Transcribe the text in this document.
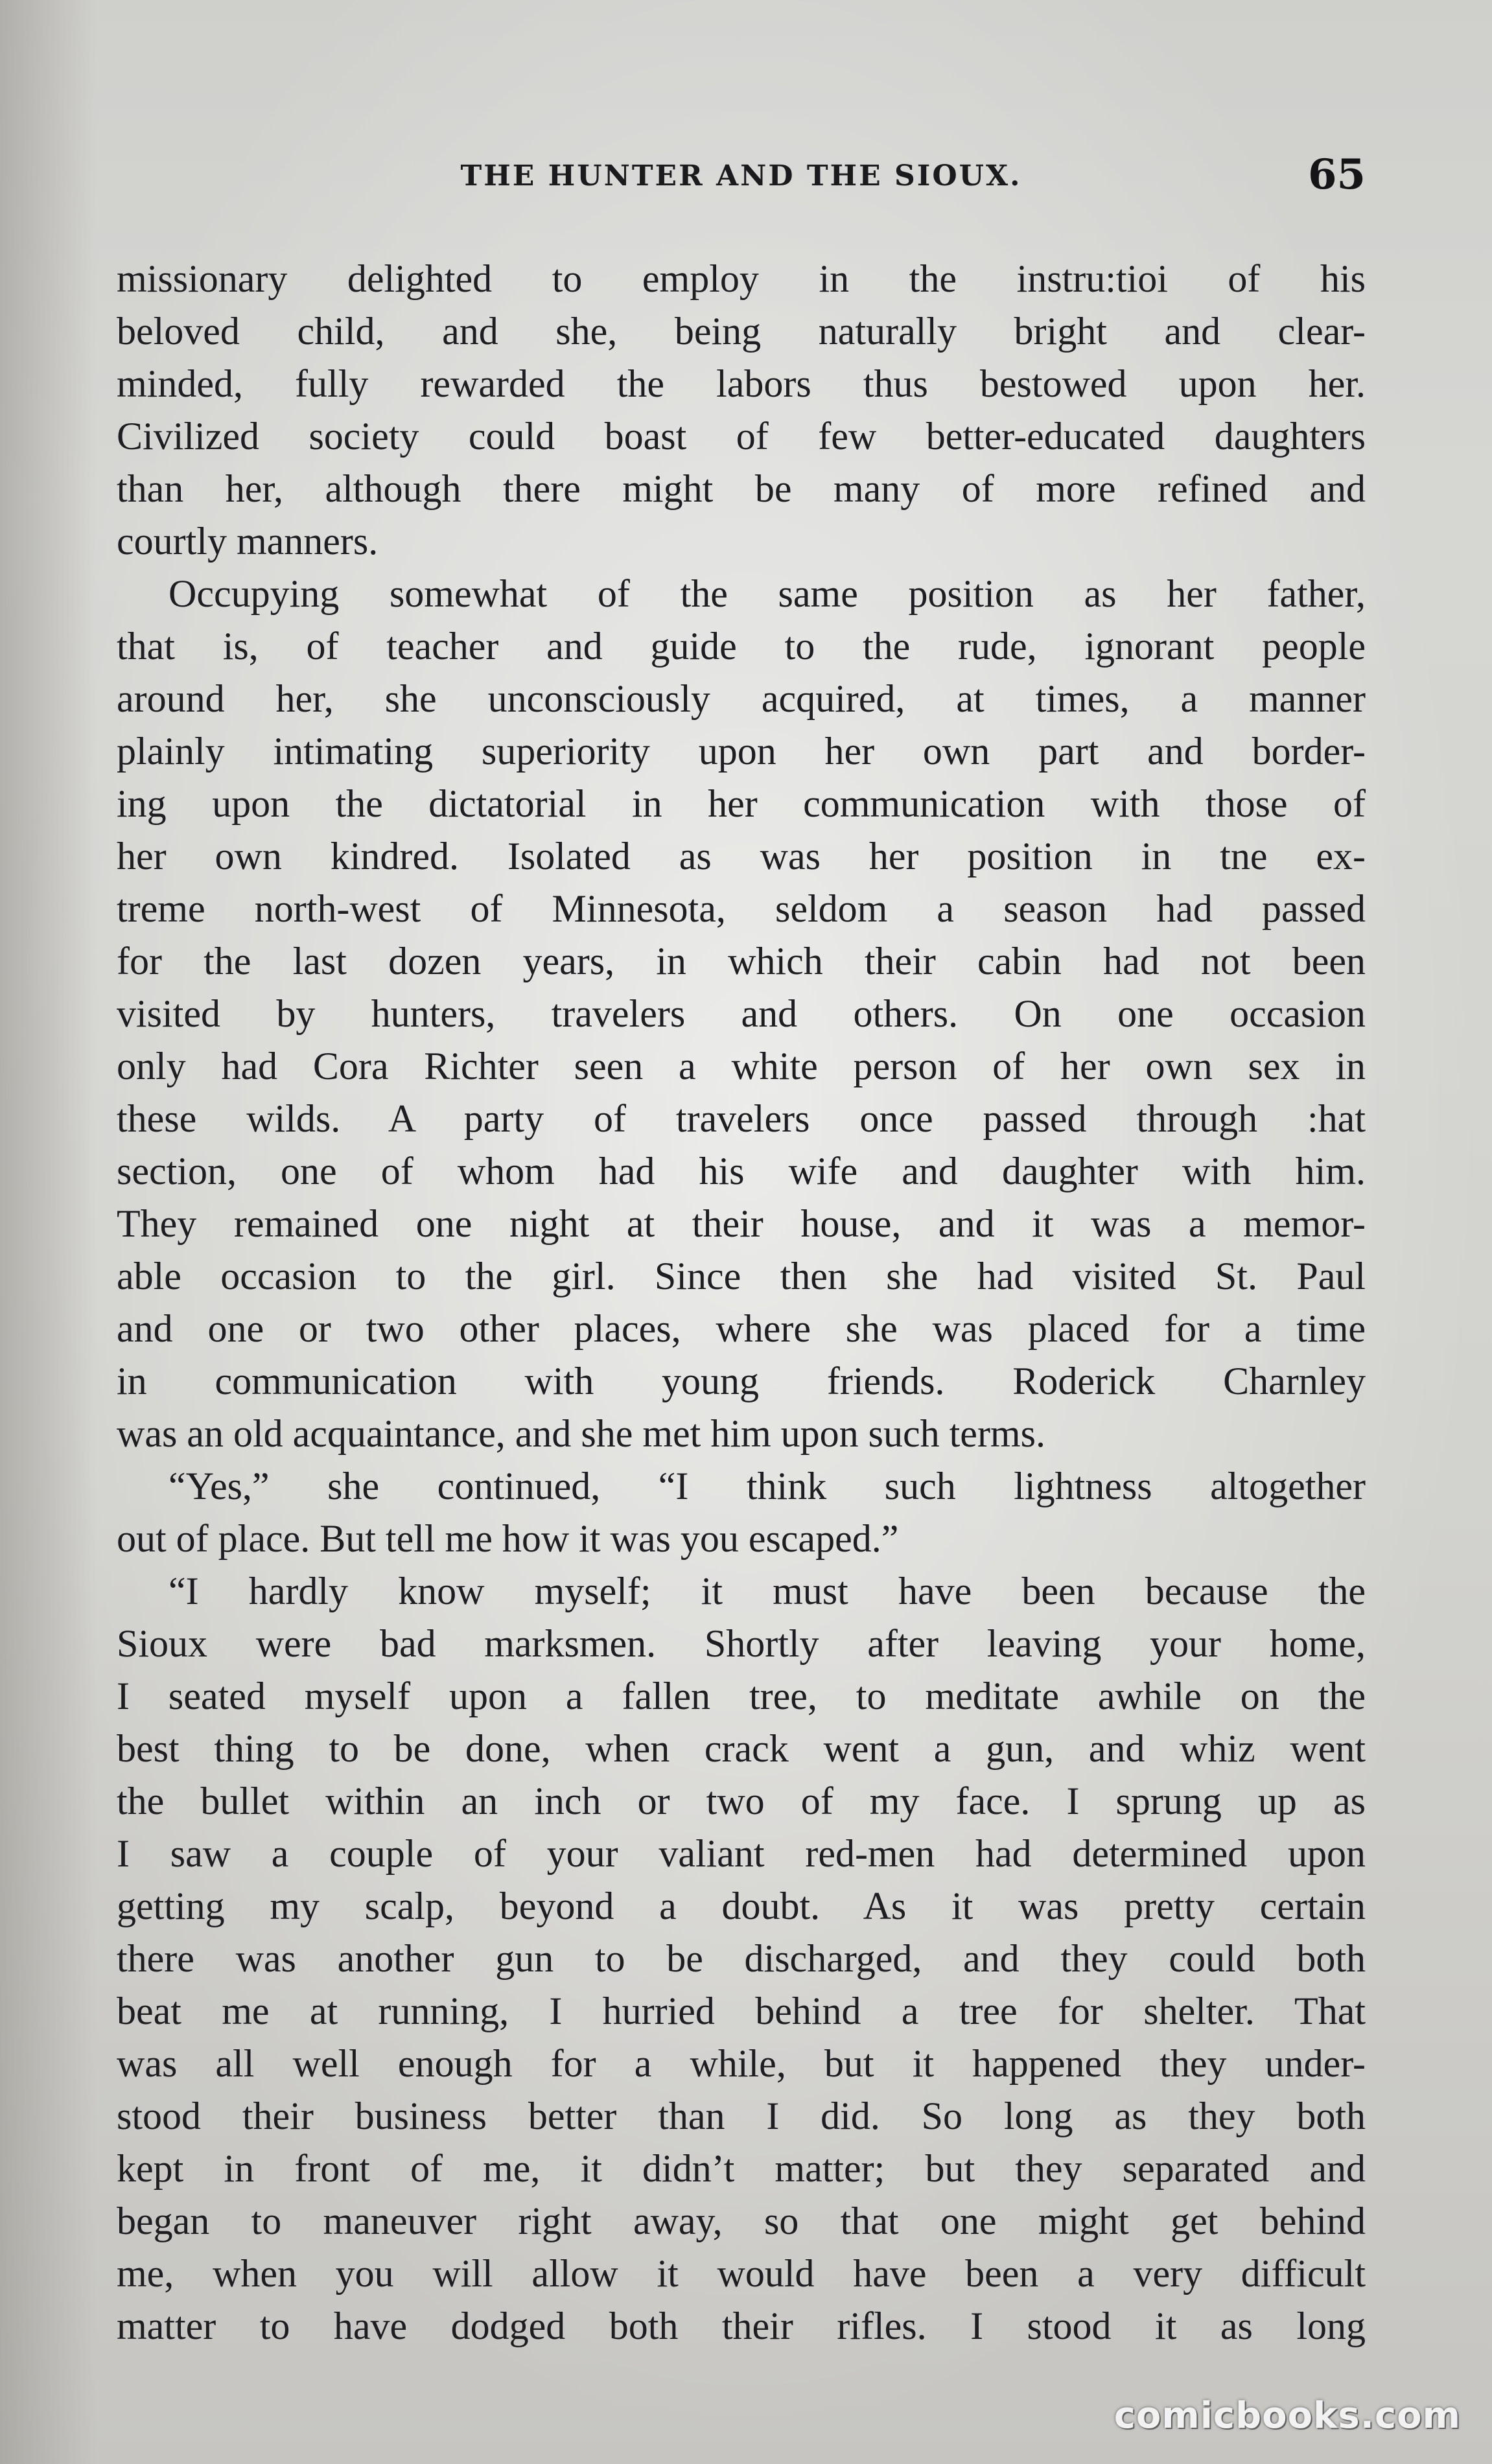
THE HUNTER AND THE SIOUX.	65
missionary delighted to employ in the instru:tioi of his
beloved child, and she, being naturally bright and clear-
minded, fully rewarded the labors thus bestowed upon her.
Civilized society could boast of few better-educated daughters
than her, although there might be many of more refined and
courtly manners.
Occupying somewhat of the same position as her father,
that is, of teacher and guide to the rude, ignorant people
around her, she unconsciously acquired, at times, a manner
plainly intimating superiority upon her own part and border-
ing upon the dictatorial in her communication with those of
her own kindred. Isolated as was her position in tne ex-
treme north-west of Minnesota, seldom a season had passed
for the last dozen years, in which their cabin had not been
visited by hunters, travelers and others. On one occasion
only had Cora Richter seen a white person of her own sex in
these wilds. A party of travelers once passed through :hat
section, one of whom had his wife and daughter with him.
They remained one night at their house, and it was a memor-
able occasion to the girl. Since then she had visited St. Paul
and one or two other places, where she was placed for a time
in communication with young friends. Roderick Charnley
was an old acquaintance, and she met him upon such terms.
“Yes,” she continued, “I think such lightness altogether
out of place. But tell me how it was you escaped.”
“I hardly know myself; it must have been because the
Sioux were bad marksmen. Shortly after leaving your home,
I seated myself upon a fallen tree, to meditate awhile on the
best thing to be done, when crack went a gun, and whiz went
the bullet within an inch or two of my face. I sprung up as
I saw a couple of your valiant red-men had determined upon
getting my scalp, beyond a doubt. As it was pretty certain
there was another gun to be discharged, and they could both
beat me at running, I hurried behind a tree for shelter. That
was all well enough for a while, but it happened they under-
stood their business better than I did. So long as they both
kept in front of me, it didn’t matter; but they separated and
began to maneuver right away, so that one might get behind
me, when you will allow it would have been a very difficult
matter to have dodged both their rifles. I stood it as long
comicbooks.com
